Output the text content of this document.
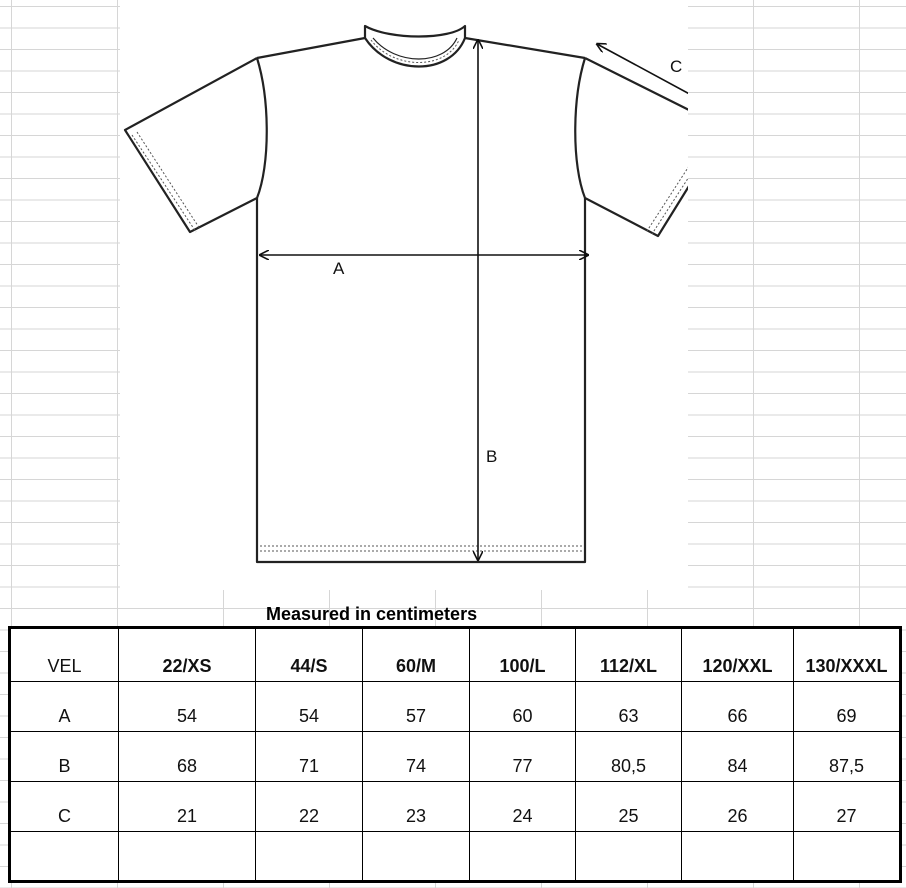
A
B
C
Measured in centimeters
VEL	22/XS	44/S	60/M	100/L	112/XL	120/XXL	130/XXXL
A	54	54	57	60	63	66	69
B	68	71	74	77	80,5	84	87,5
C	21	22	23	24	25	26	27
